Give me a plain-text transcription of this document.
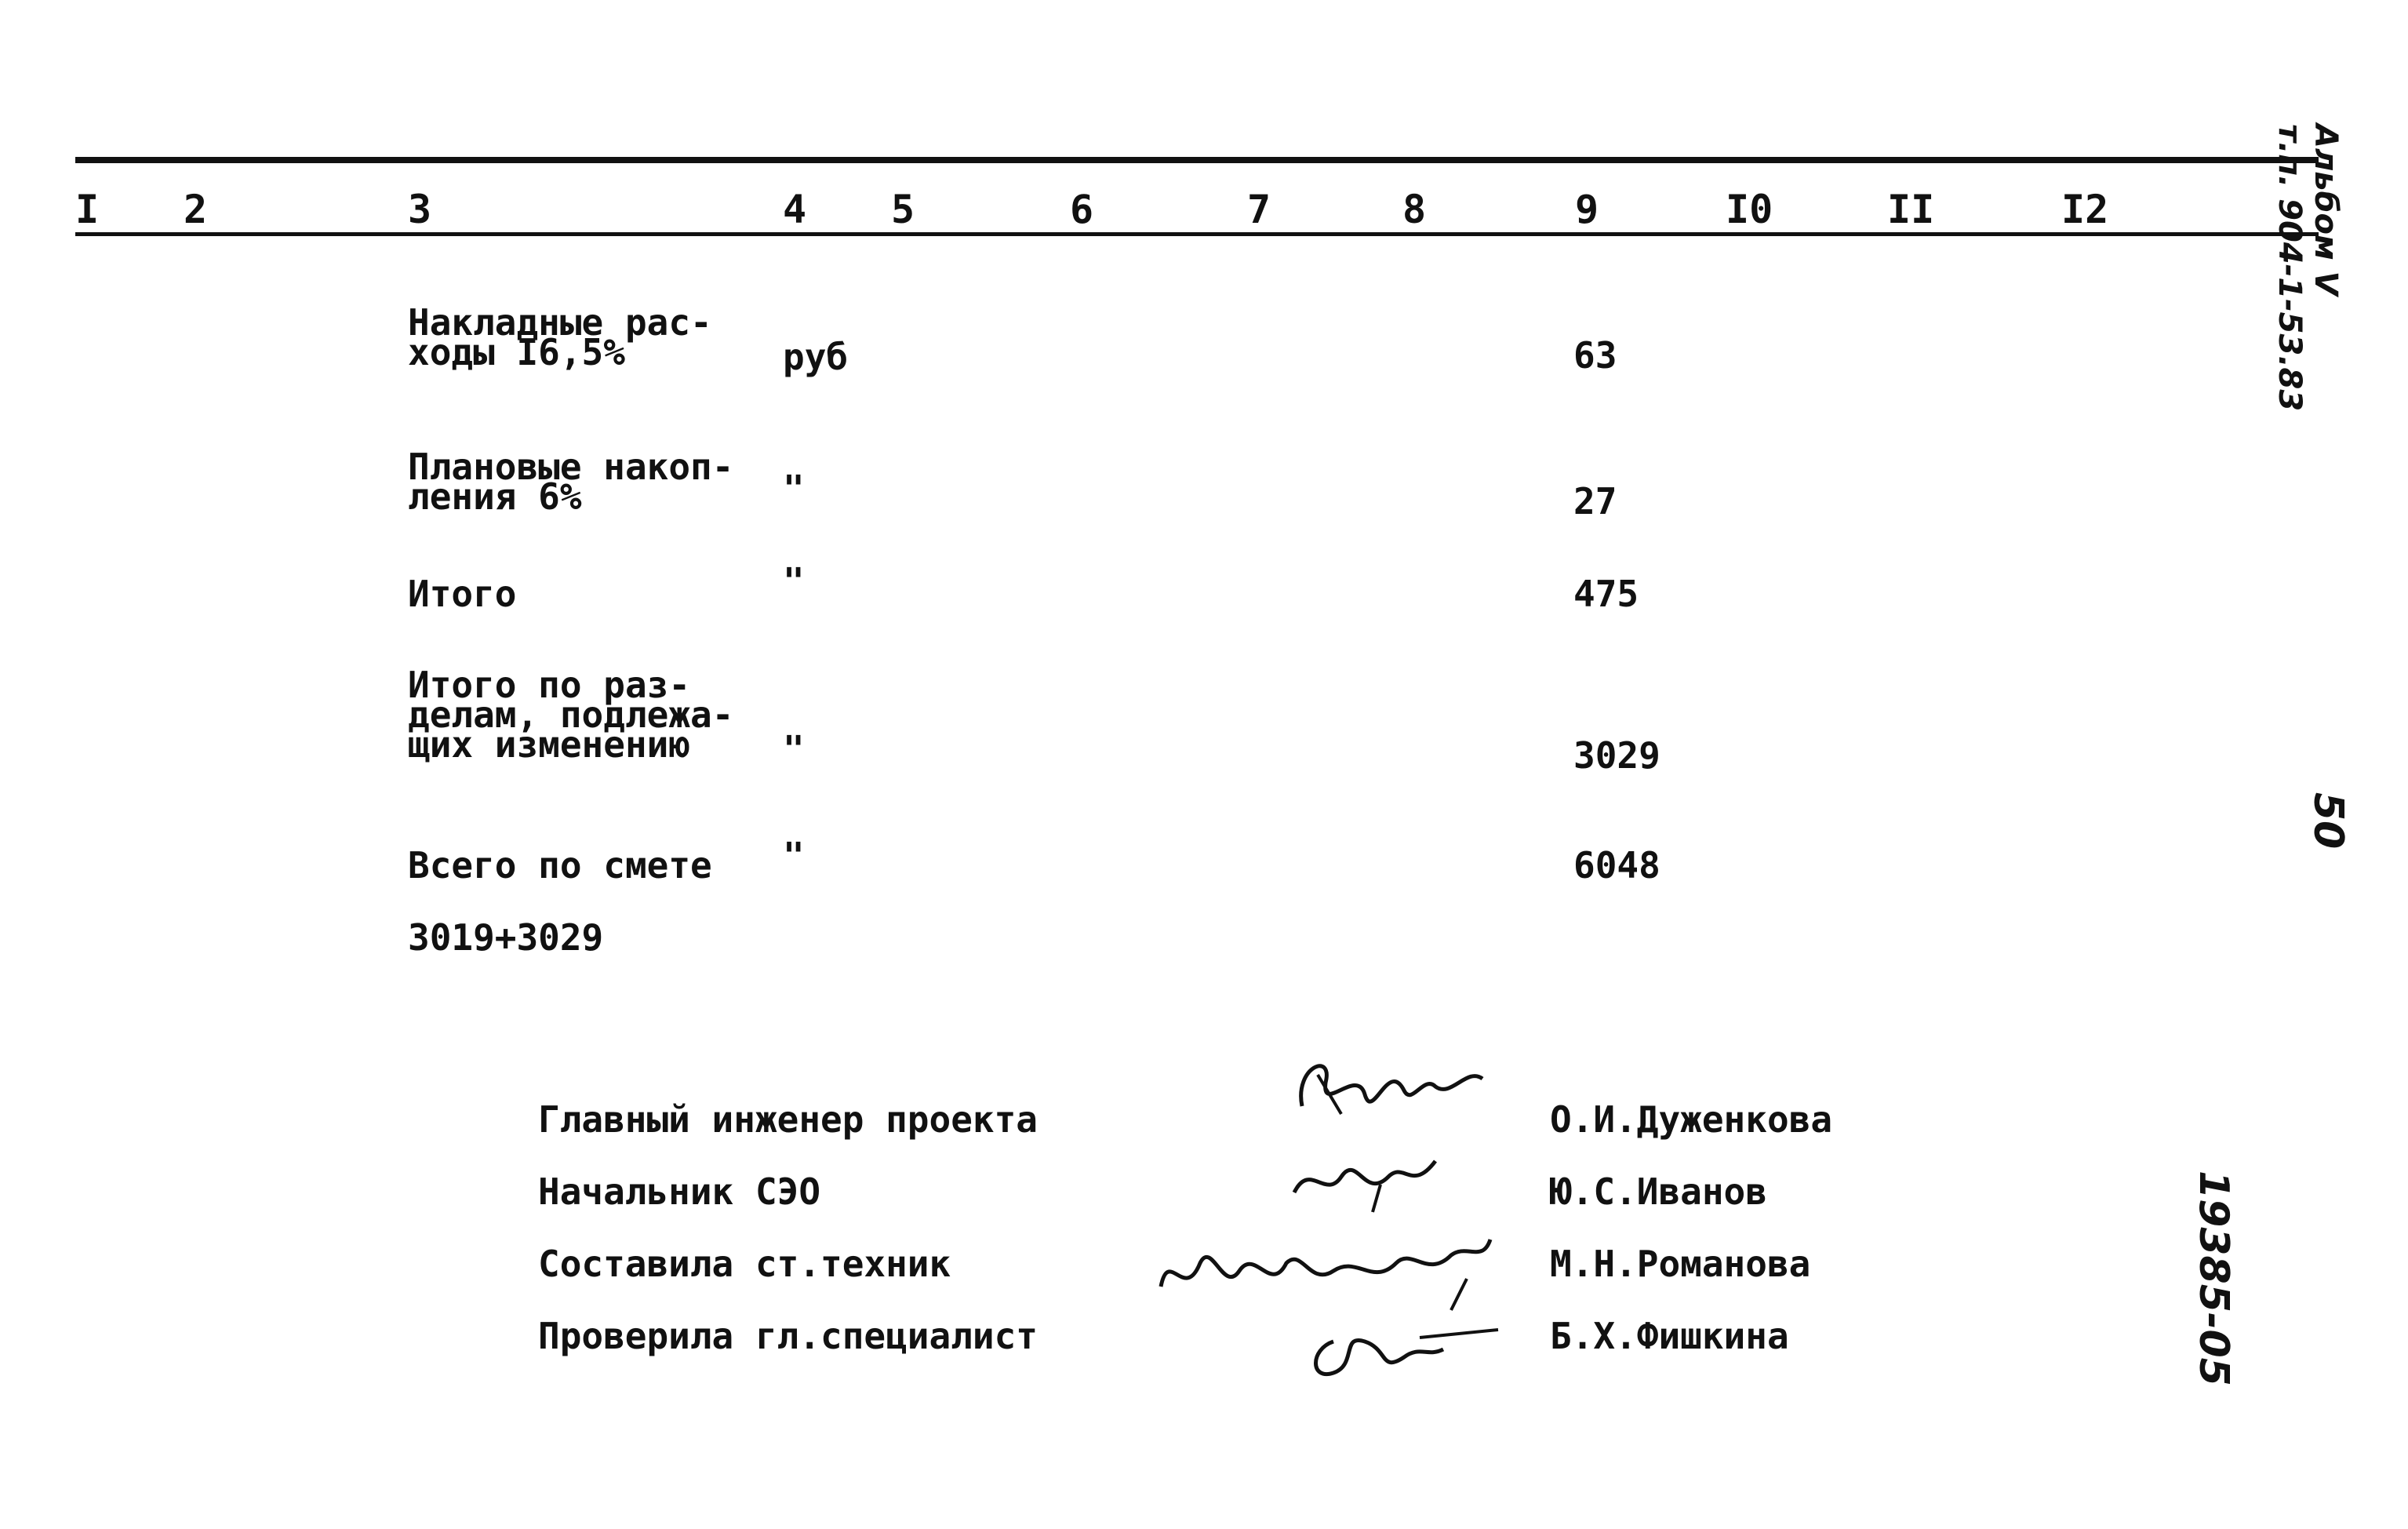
I 2	3	4 5	6	7	8	9	I0	II	I2
Накладные рас-
ходы I6,5%	руб	63
Плановые накоп-
ления 6%	"	27
Итого	"	475
Итого по раз-
делам, подлежа-
щих изменению	"	3029
Всего по смете "	6048
3019+3029
Главный инженер проекта	О.И.Дуженкова
Начальник СЭО	Ю.С.Иванов
Составила ст.техник	М.Н.Романова
Проверила гл.специалист	Б.Х.Фишкина
Альбом V
т.п. 904-1-53.83
50
19385-05
